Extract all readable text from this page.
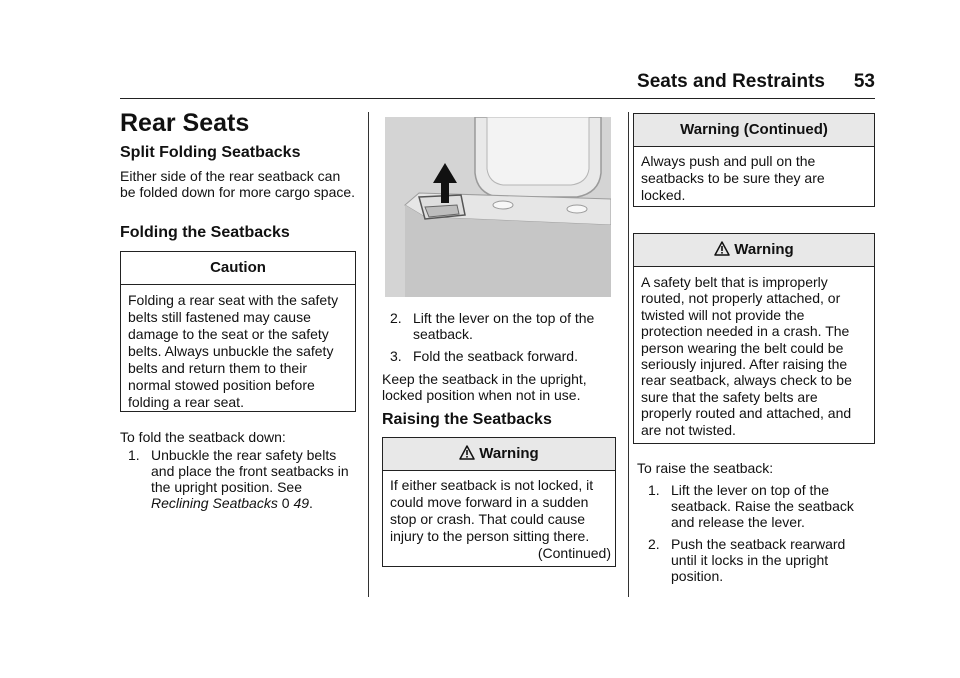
Seats and Restraints 53
Rear Seats
Split Folding Seatbacks
Either side of the rear seatback can be folded down for more cargo space.
Folding the Seatbacks
Caution
Folding a rear seat with the safety belts still fastened may cause damage to the seat or the safety belts. Always unbuckle the safety belts and return them to their normal stowed position before folding a rear seat.
To fold the seatback down:
1. Unbuckle the rear safety belts and place the front seatbacks in the upright position. See Reclining Seatbacks 0 49.
2. Lift the lever on the top of the seatback.
3. Fold the seatback forward.
Keep the seatback in the upright, locked position when not in use.
Raising the Seatbacks
Warning
If either seatback is not locked, it could move forward in a sudden stop or crash. That could cause injury to the person sitting there.
(Continued)
Warning (Continued)
Always push and pull on the seatbacks to be sure they are locked.
Warning
A safety belt that is improperly routed, not properly attached, or twisted will not provide the protection needed in a crash. The person wearing the belt could be seriously injured. After raising the rear seatback, always check to be sure that the safety belts are properly routed and attached, and are not twisted.
To raise the seatback:
1. Lift the lever on top of the seatback. Raise the seatback and release the lever.
2. Push the seatback rearward until it locks in the upright position.
